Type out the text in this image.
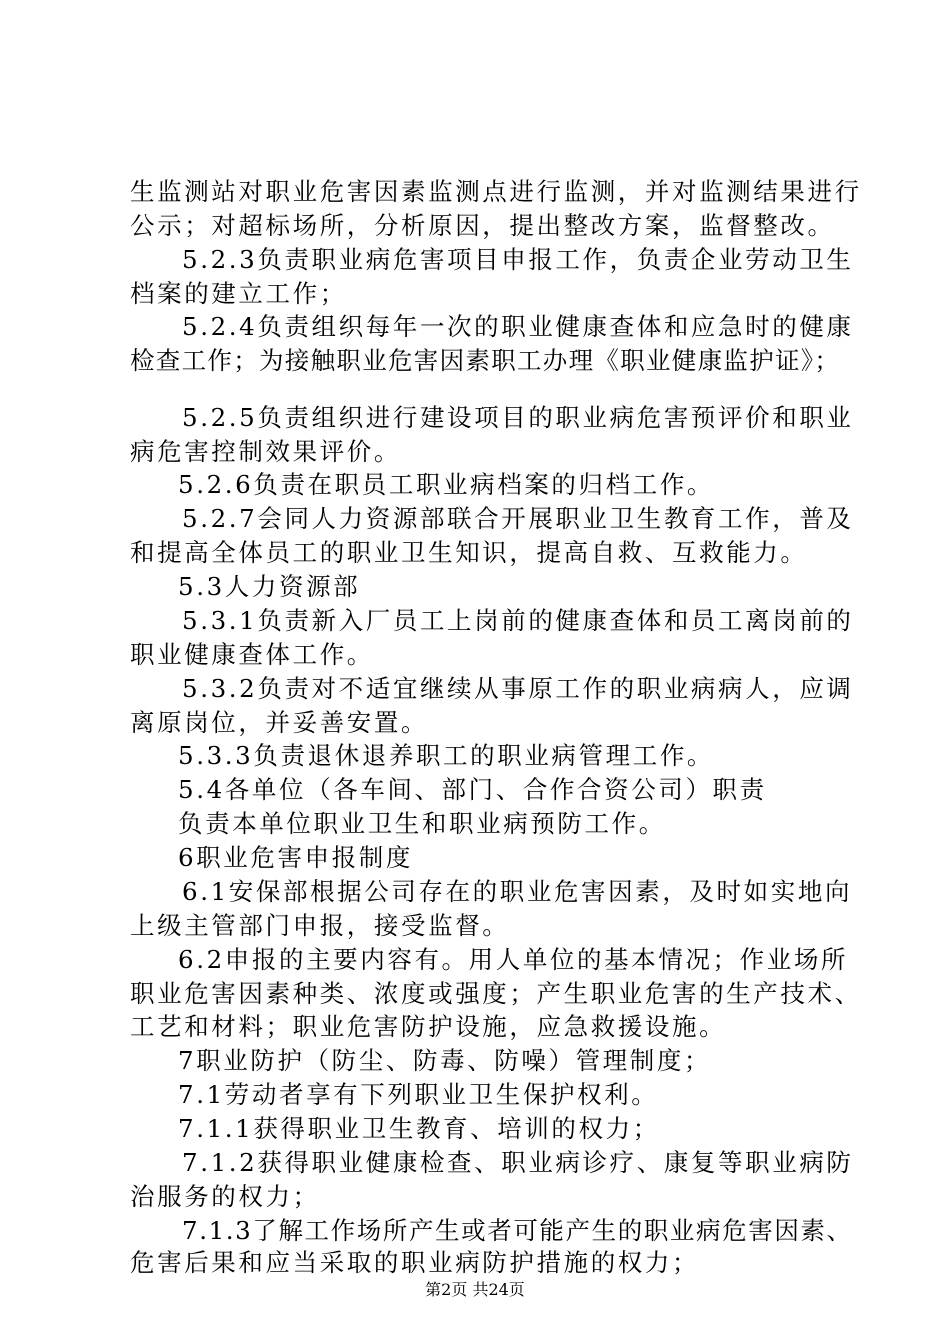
生监测站对职业危害因素监测点进行监测，并对监测结果进行
公示；对超标场所，分析原因，提出整改方案，监督整改。
5.2.3负责职业病危害项目申报工作，负责企业劳动卫生
档案的建立工作；
5.2.4负责组织每年一次的职业健康查体和应急时的健康
检查工作；为接触职业危害因素职工办理《职业健康监护证》；
5.2.5负责组织进行建设项目的职业病危害预评价和职业
病危害控制效果评价。
5.2.6负责在职员工职业病档案的归档工作。
5.2.7会同人力资源部联合开展职业卫生教育工作，普及
和提高全体员工的职业卫生知识，提高自救、互救能力。
5.3人力资源部
5.3.1负责新入厂员工上岗前的健康查体和员工离岗前的
职业健康查体工作。
5.3.2负责对不适宜继续从事原工作的职业病病人，应调
离原岗位，并妥善安置。
5.3.3负责退休退养职工的职业病管理工作。
5.4各单位（各车间、部门、合作合资公司）职责
负责本单位职业卫生和职业病预防工作。
6职业危害申报制度
6.1安保部根据公司存在的职业危害因素，及时如实地向
上级主管部门申报，接受监督。
6.2申报的主要内容有。用人单位的基本情况；作业场所
职业危害因素种类、浓度或强度；产生职业危害的生产技术、
工艺和材料；职业危害防护设施，应急救援设施。
7职业防护（防尘、防毒、防噪）管理制度；
7.1劳动者享有下列职业卫生保护权利。
7.1.1获得职业卫生教育、培训的权力；
7.1.2获得职业健康检查、职业病诊疗、康复等职业病防
治服务的权力；
7.1.3了解工作场所产生或者可能产生的职业病危害因素、
危害后果和应当采取的职业病防护措施的权力；
第2页 共24页
